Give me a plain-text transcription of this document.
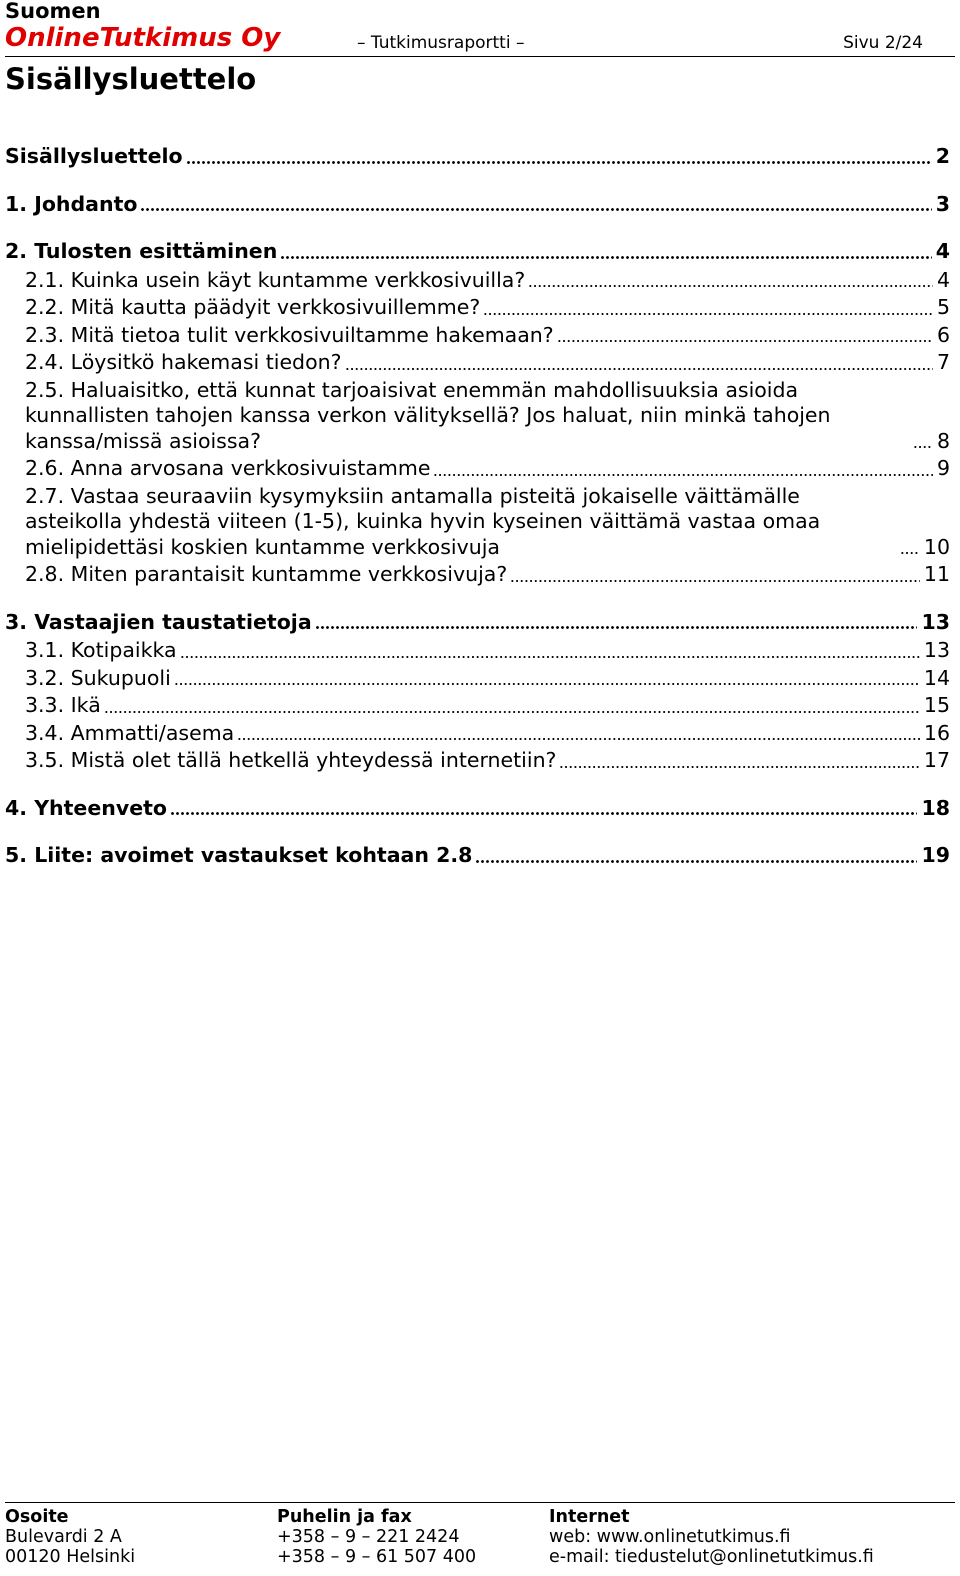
Suomen
OnlineTutkimus Oy	– Tutkimusraportti –	Sivu 2/24
Sisällysluettelo
Sisällysluettelo	2
1. Johdanto	3
2. Tulosten esittäminen	4
2.1. Kuinka usein käyt kuntamme verkkosivuilla?	4
2.2. Mitä kautta päädyit verkkosivuillemme?	5
2.3. Mitä tietoa tulit verkkosivuiltamme hakemaan?	6
2.4. Löysitkö hakemasi tiedon?	7
2.5. Haluaisitko, että kunnat tarjoaisivat enemmän mahdollisuuksia asioida kunnallisten tahojen kanssa verkon välityksellä? Jos haluat, niin minkä tahojen kanssa/missä asioissa?	8
2.6. Anna arvosana verkkosivuistamme	9
2.7. Vastaa seuraaviin kysymyksiin antamalla pisteitä jokaiselle väittämälle asteikolla yhdestä viiteen (1-5), kuinka hyvin kyseinen väittämä vastaa omaa mielipidettäsi koskien kuntamme verkkosivuja	10
2.8. Miten parantaisit kuntamme verkkosivuja?	11
3. Vastaajien taustatietoja	13
3.1. Kotipaikka	13
3.2. Sukupuoli	14
3.3. Ikä	15
3.4. Ammatti/asema	16
3.5. Mistä olet tällä hetkellä yhteydessä internetiin?	17
4. Yhteenveto	18
5. Liite: avoimet vastaukset kohtaan 2.8	19
Osoite
Bulevardi 2 A
00120 Helsinki
Puhelin ja fax
+358 – 9 – 221 2424
+358 – 9 – 61 507 400
Internet
web: www.onlinetutkimus.fi
e-mail: tiedustelut@onlinetutkimus.fi
